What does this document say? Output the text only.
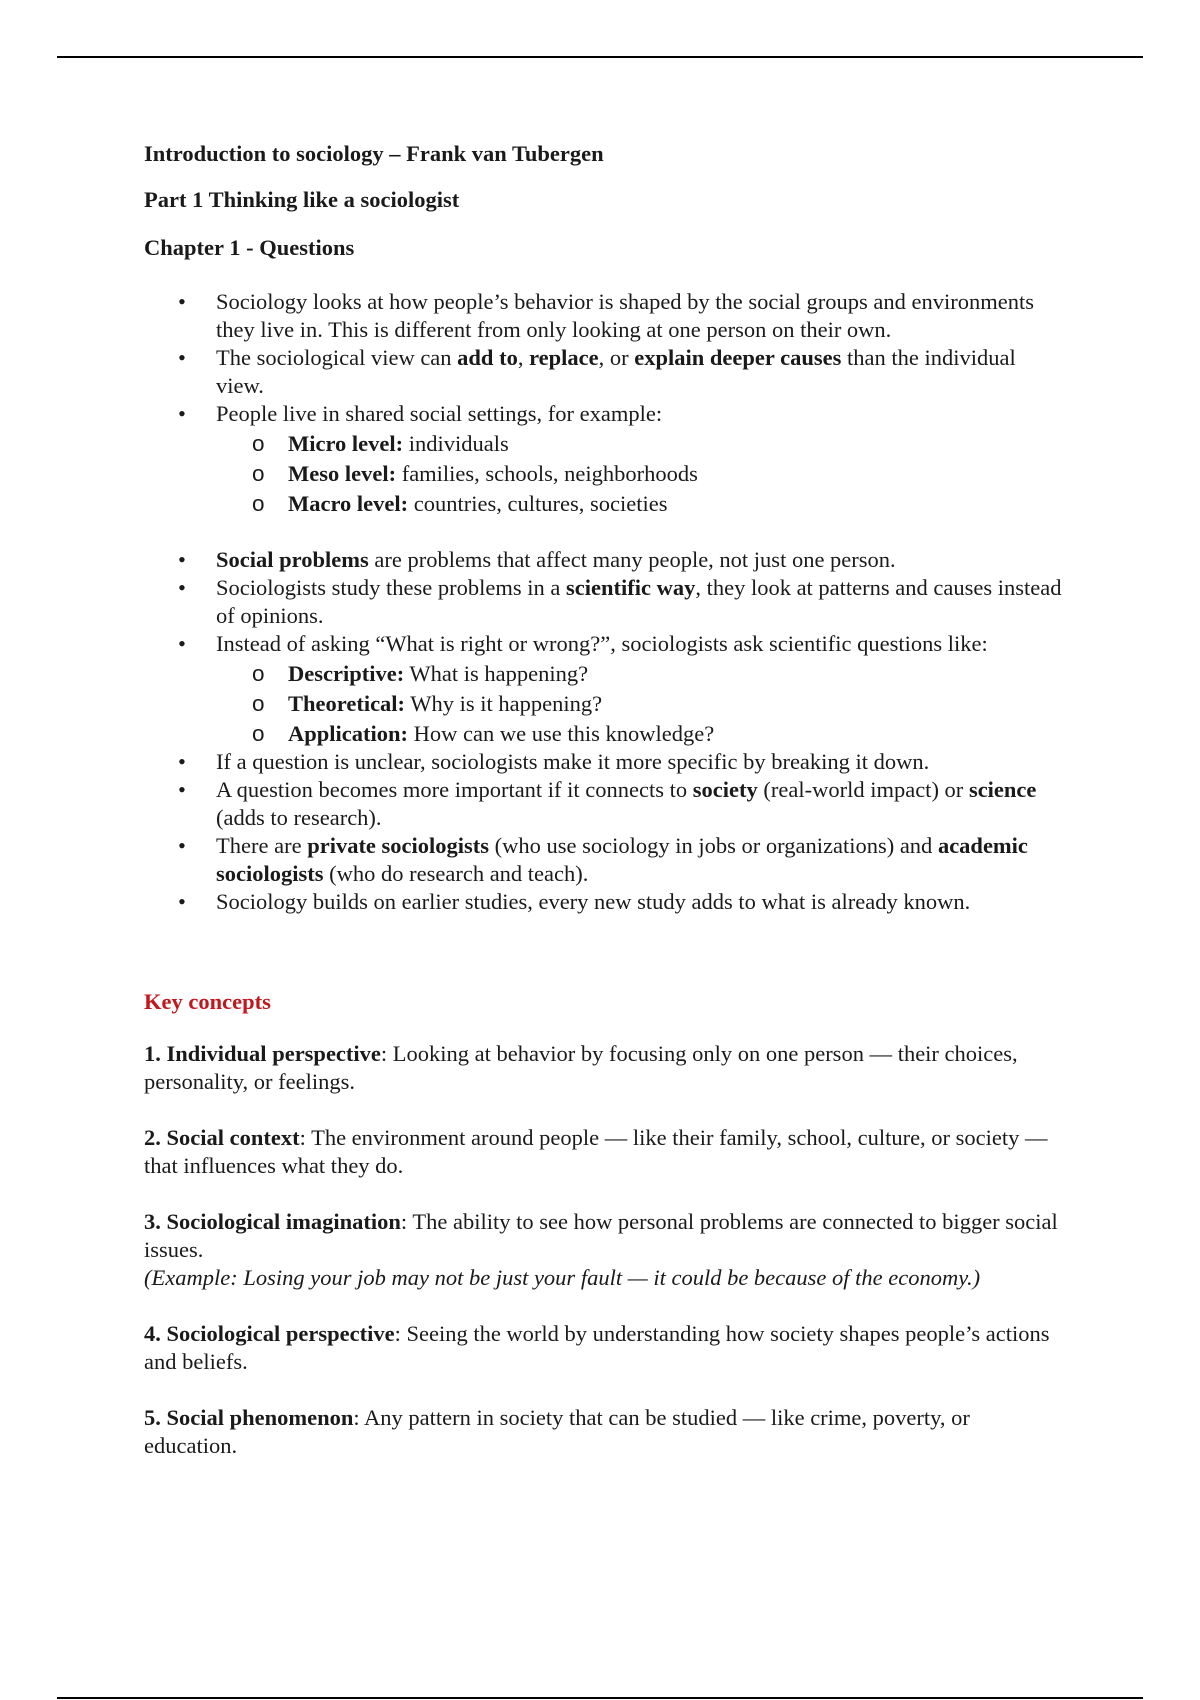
Introduction to sociology – Frank van Tubergen

Part 1 Thinking like a sociologist

Chapter 1 - Questions

• Sociology looks at how people’s behavior is shaped by the social groups and environments they live in. This is different from only looking at one person on their own.
• The sociological view can add to, replace, or explain deeper causes than the individual view.
• People live in shared social settings, for example:
o Micro level: individuals
o Meso level: families, schools, neighborhoods
o Macro level: countries, cultures, societies
• Social problems are problems that affect many people, not just one person.
• Sociologists study these problems in a scientific way, they look at patterns and causes instead of opinions.
• Instead of asking “What is right or wrong?”, sociologists ask scientific questions like:
o Descriptive: What is happening?
o Theoretical: Why is it happening?
o Application: How can we use this knowledge?
• If a question is unclear, sociologists make it more specific by breaking it down.
• A question becomes more important if it connects to society (real-world impact) or science (adds to research).
• There are private sociologists (who use sociology in jobs or organizations) and academic sociologists (who do research and teach).
• Sociology builds on earlier studies, every new study adds to what is already known.

Key concepts

1. Individual perspective: Looking at behavior by focusing only on one person — their choices, personality, or feelings.

2. Social context: The environment around people — like their family, school, culture, or society — that influences what they do.

3. Sociological imagination: The ability to see how personal problems are connected to bigger social issues.
(Example: Losing your job may not be just your fault — it could be because of the economy.)

4. Sociological perspective: Seeing the world by understanding how society shapes people’s actions and beliefs.

5. Social phenomenon: Any pattern in society that can be studied — like crime, poverty, or education.
